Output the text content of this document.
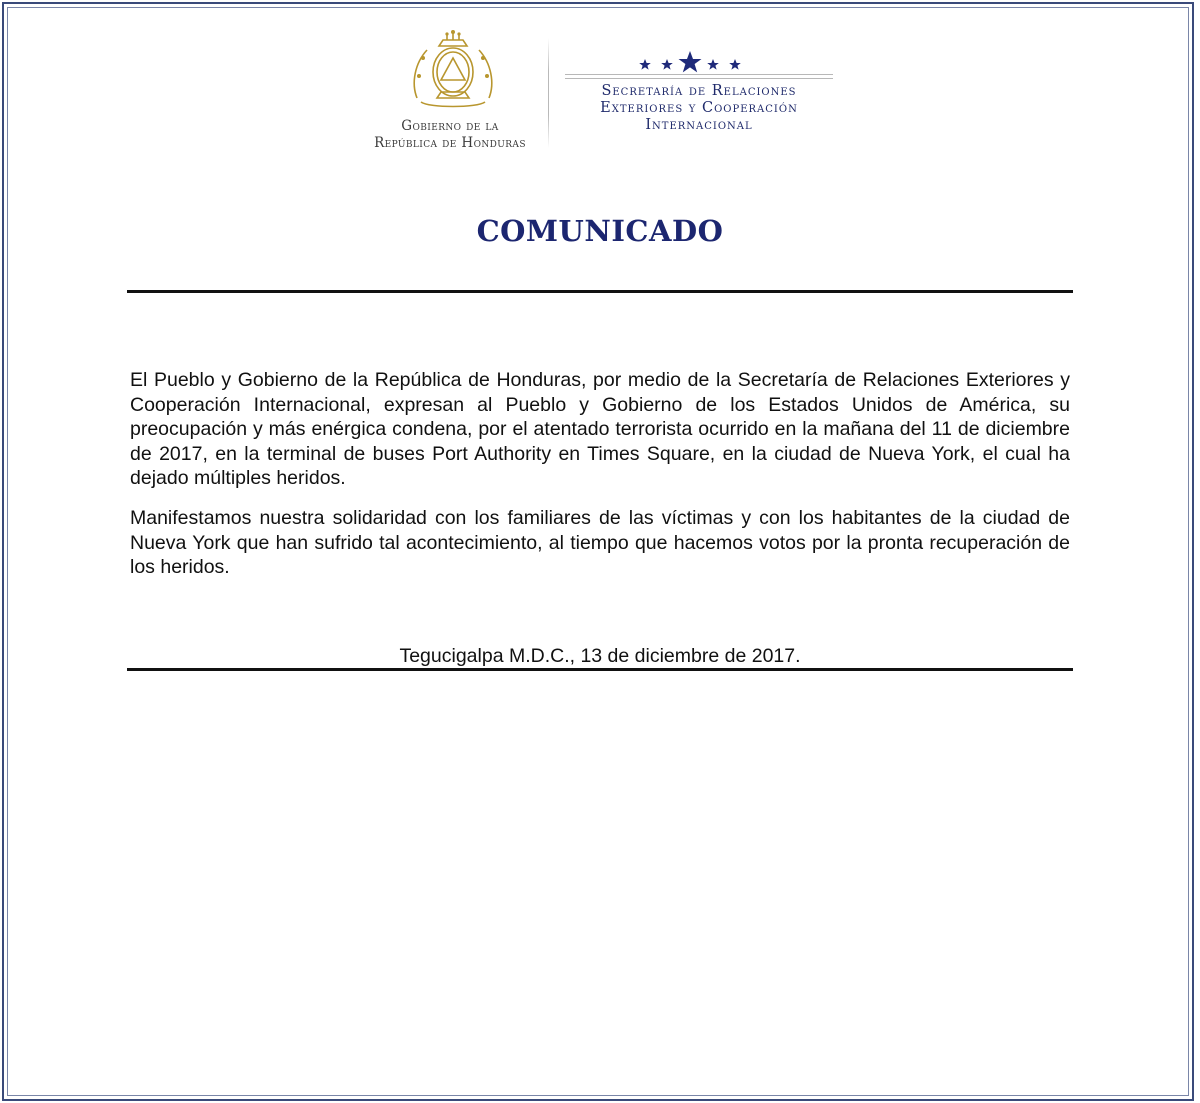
Gobierno de la
República de Honduras
Secretaría de Relaciones
Exteriores y Cooperación
Internacional
COMUNICADO

El Pueblo y Gobierno de la República de Honduras, por medio de la Secretaría de Relaciones Exteriores y Cooperación Internacional, expresan al Pueblo y Gobierno de los Estados Unidos de América, su preocupación y más enérgica condena, por el atentado terrorista ocurrido en la mañana del 11 de diciembre de 2017, en la terminal de buses Port Authority en Times Square, en la ciudad de Nueva York, el cual ha dejado múltiples heridos.

Manifestamos nuestra solidaridad con los familiares de las víctimas y con los habitantes de la ciudad de Nueva York que han sufrido tal acontecimiento, al tiempo que hacemos votos por la pronta recuperación de los heridos.

Tegucigalpa M.D.C., 13 de diciembre de 2017.
